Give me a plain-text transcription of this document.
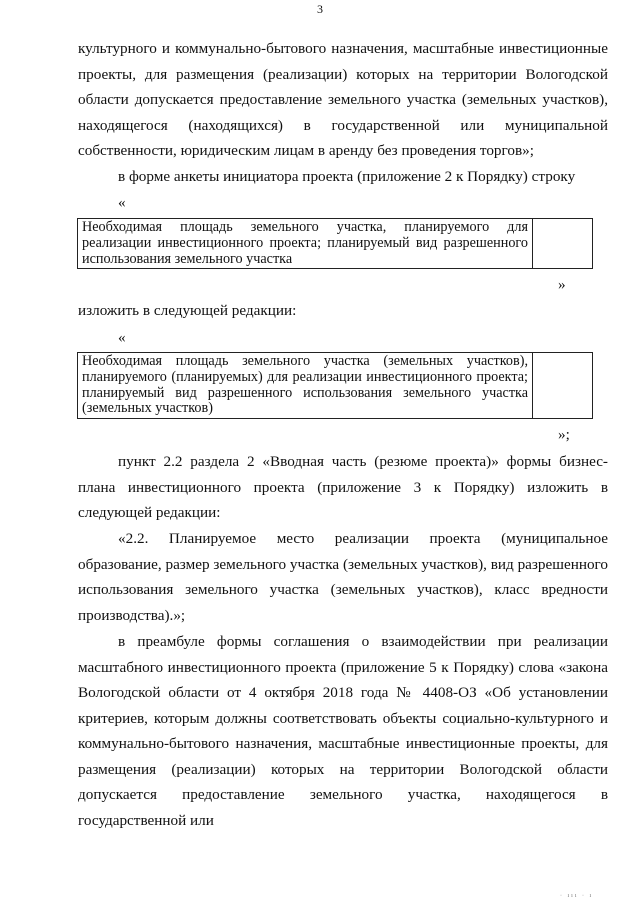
3

культурного и коммунально-бытового назначения, масштабные инвестиционные проекты, для размещения (реализации) которых на территории Вологодской области допускается предоставление земельного участка (земельных участков), находящегося (находящихся) в государственной или муниципальной собственности, юридическим лицам в аренду без проведения торгов»;

в форме анкеты инициатора проекта (приложение 2 к Порядку) строку

«
Необходимая площадь земельного участка, планируемого для реализации инвестиционного проекта; планируемый вид разрешенного использования земельного участка	
»

изложить в следующей редакции:

«
Необходимая площадь земельного участка (земельных участков), планируемого (планируемых) для реализации инвестиционного проекта; планируемый вид разрешенного использования земельного участка (земельных участков)	
»;

пункт 2.2 раздела 2 «Вводная часть (резюме проекта)» формы бизнес-плана инвестиционного проекта (приложение 3 к Порядку) изложить в следующей редакции:

«2.2. Планируемое место реализации проекта (муниципальное образование, размер земельного участка (земельных участков), вид разрешенного использования земельного участка (земельных участков), класс вредности производства).»;

в преамбуле формы соглашения о взаимодействии при реализации масштабного инвестиционного проекта (приложение 5 к Порядку) слова «закона Вологодской области от 4 октября 2018 года № 4408-ОЗ «Об установлении критериев, которым должны соответствовать объекты социально-культурного и коммунально-бытового назначения, масштабные инвестиционные проекты, для размещения (реализации) которых на территории Вологодской области допускается предоставление земельного участка, находящегося в государственной или

· ııı · ı
